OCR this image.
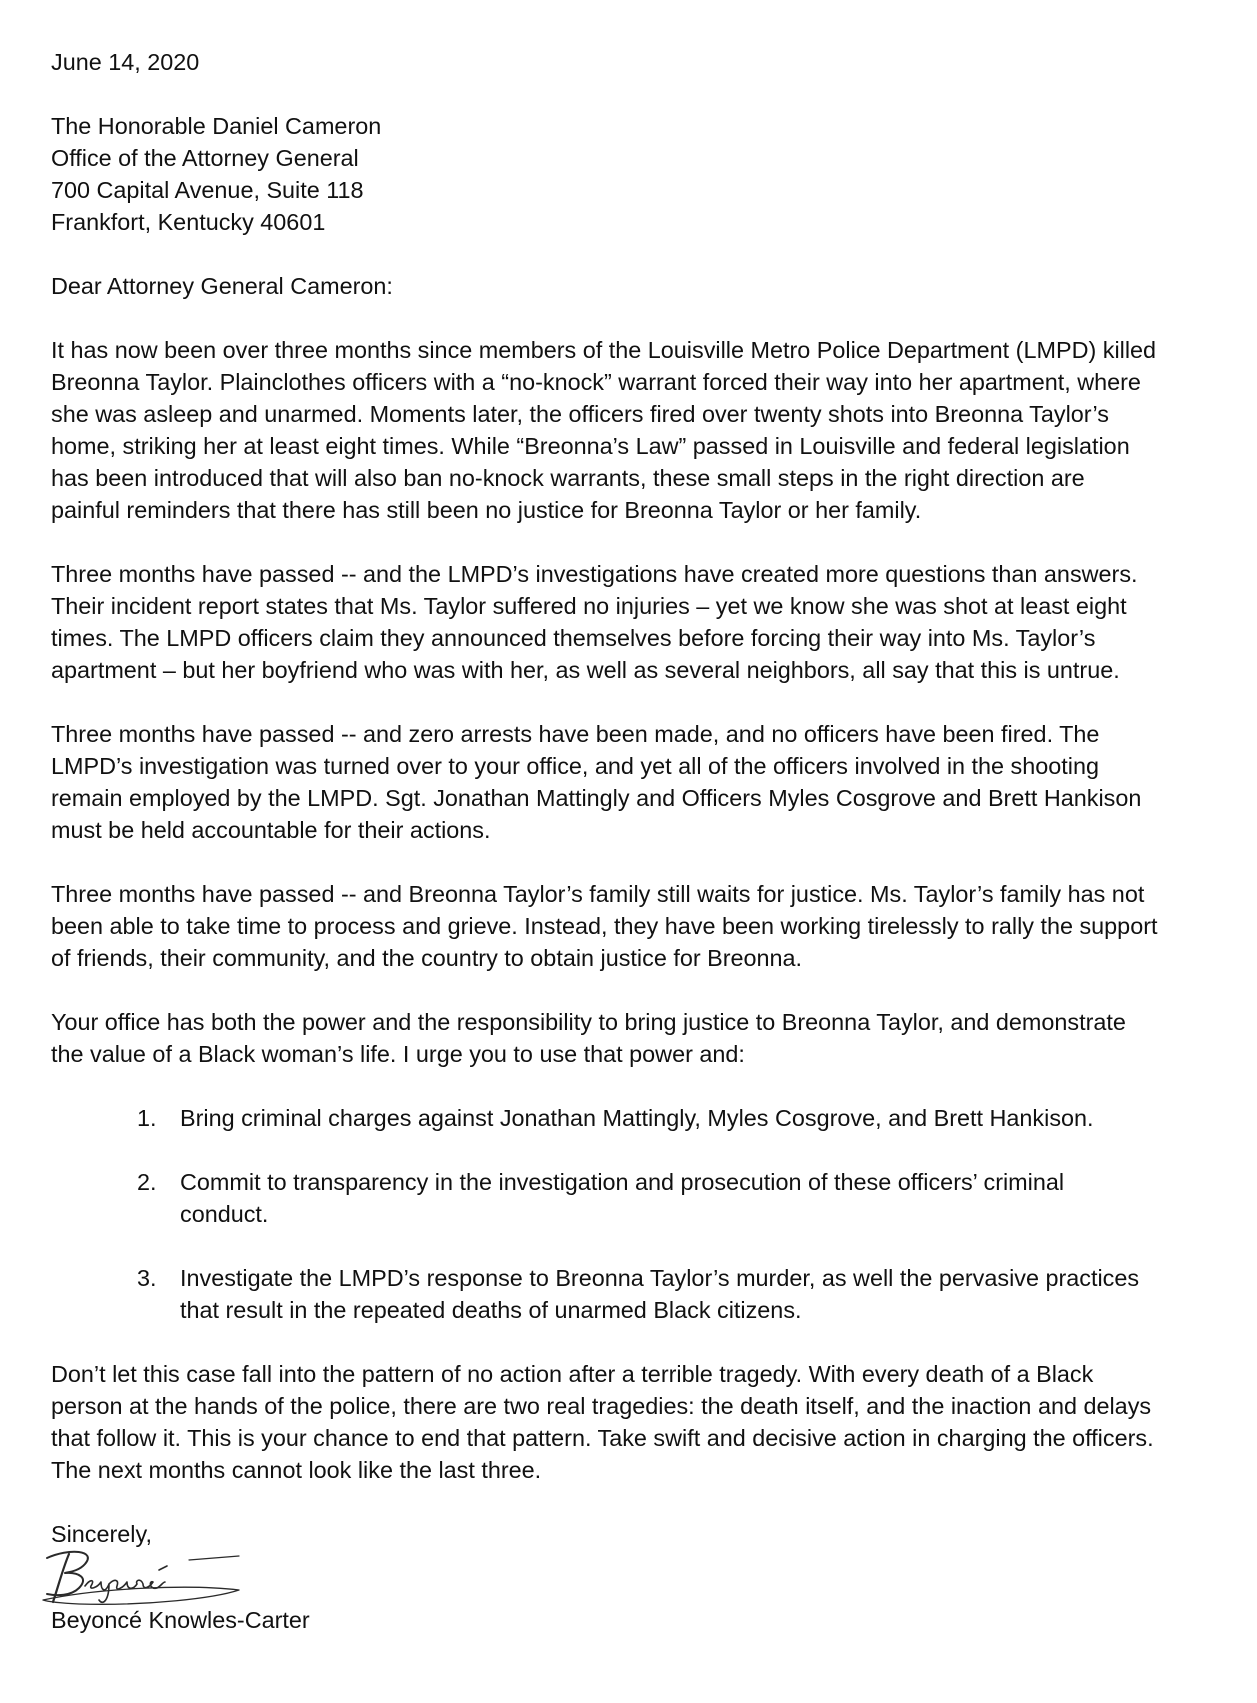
June 14, 2020
The Honorable Daniel Cameron
Office of the Attorney General
700 Capital Avenue, Suite 118
Frankfort, Kentucky 40601
Dear Attorney General Cameron:
It has now been over three months since members of the Louisville Metro Police Department (LMPD) killed
Breonna Taylor. Plainclothes officers with a “no-knock” warrant forced their way into her apartment, where
she was asleep and unarmed. Moments later, the officers fired over twenty shots into Breonna Taylor’s
home, striking her at least eight times. While “Breonna’s Law” passed in Louisville and federal legislation
has been introduced that will also ban no-knock warrants, these small steps in the right direction are
painful reminders that there has still been no justice for Breonna Taylor or her family.
Three months have passed -- and the LMPD’s investigations have created more questions than answers.
Their incident report states that Ms. Taylor suffered no injuries – yet we know she was shot at least eight
times. The LMPD officers claim they announced themselves before forcing their way into Ms. Taylor’s
apartment – but her boyfriend who was with her, as well as several neighbors, all say that this is untrue.
Three months have passed -- and zero arrests have been made, and no officers have been fired. The
LMPD’s investigation was turned over to your office, and yet all of the officers involved in the shooting
remain employed by the LMPD. Sgt. Jonathan Mattingly and Officers Myles Cosgrove and Brett Hankison
must be held accountable for their actions.
Three months have passed -- and Breonna Taylor’s family still waits for justice. Ms. Taylor’s family has not
been able to take time to process and grieve. Instead, they have been working tirelessly to rally the support
of friends, their community, and the country to obtain justice for Breonna.
Your office has both the power and the responsibility to bring justice to Breonna Taylor, and demonstrate
the value of a Black woman’s life. I urge you to use that power and:
1. Bring criminal charges against Jonathan Mattingly, Myles Cosgrove, and Brett Hankison.
2. Commit to transparency in the investigation and prosecution of these officers’ criminal
conduct.
3. Investigate the LMPD’s response to Breonna Taylor’s murder, as well the pervasive practices
that result in the repeated deaths of unarmed Black citizens.
Don’t let this case fall into the pattern of no action after a terrible tragedy. With every death of a Black
person at the hands of the police, there are two real tragedies: the death itself, and the inaction and delays
that follow it. This is your chance to end that pattern. Take swift and decisive action in charging the officers.
The next months cannot look like the last three.
Sincerely,
Beyoncé Knowles-Carter
